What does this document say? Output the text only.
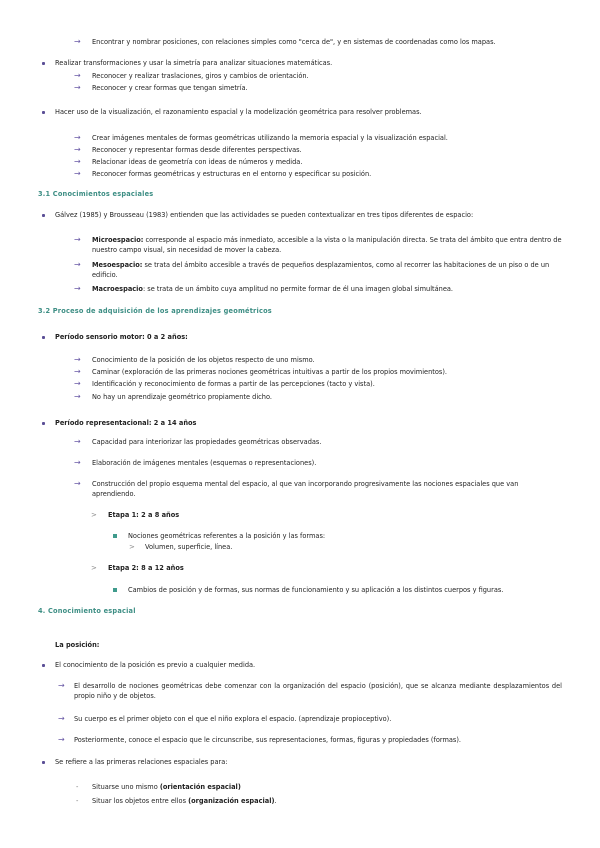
→ Encontrar y nombrar posiciones, con relaciones simples como "cerca de", y en sistemas de coordenadas como los mapas.
Realizar transformaciones y usar la simetría para analizar situaciones matemáticas.
→ Reconocer y realizar traslaciones, giros y cambios de orientación.
→ Reconocer y crear formas que tengan simetría.
Hacer uso de la visualización, el razonamiento espacial y la modelización geométrica para resolver problemas.
→ Crear imágenes mentales de formas geométricas utilizando la memoria espacial y la visualización espacial.
→ Reconocer y representar formas desde diferentes perspectivas.
→ Relacionar ideas de geometría con ideas de números y medida.
→ Reconocer formas geométricas y estructuras en el entorno y especificar su posición.
3.1 Conocimientos espaciales
Gálvez (1985) y Brousseau (1983) entienden que las actividades se pueden contextualizar en tres tipos diferentes de espacio:
→ Microespacio: corresponde al espacio más inmediato, accesible a la vista o la manipulación directa. Se trata del ámbito que entra dentro de nuestro campo visual, sin necesidad de mover la cabeza.
→ Mesoespacio: se trata del ámbito accesible a través de pequeños desplazamientos, como al recorrer las habitaciones de un piso o de un edificio.
→ Macroespacio: se trata de un ámbito cuya amplitud no permite formar de él una imagen global simultánea.
3.2 Proceso de adquisición de los aprendizajes geométricos
Período sensorio motor: 0 a 2 años:
→ Conocimiento de la posición de los objetos respecto de uno mismo.
→ Caminar (exploración de las primeras nociones geométricas intuitivas a partir de los propios movimientos).
→ Identificación y reconocimiento de formas a partir de las percepciones (tacto y vista).
→ No hay un aprendizaje geométrico propiamente dicho.
Período representacional: 2 a 14 años
→ Capacidad para interiorizar las propiedades geométricas observadas.
→ Elaboración de imágenes mentales (esquemas o representaciones).
→ Construcción del propio esquema mental del espacio, al que van incorporando progresivamente las nociones espaciales que van aprendiendo.
> Etapa 1: 2 a 8 años
Nociones geométricas referentes a la posición y las formas:
> Volumen, superficie, línea.
> Etapa 2: 8 a 12 años
Cambios de posición y de formas, sus normas de funcionamiento y su aplicación a los distintos cuerpos y figuras.
4. Conocimiento espacial
La posición:
El conocimiento de la posición es previo a cualquier medida.
→ El desarrollo de nociones geométricas debe comenzar con la organización del espacio (posición), que se alcanza mediante desplazamientos del propio niño y de objetos.
→ Su cuerpo es el primer objeto con el que el niño explora el espacio. (aprendizaje propioceptivo).
→ Posteriormente, conoce el espacio que le circunscribe, sus representaciones, formas, figuras y propiedades (formas).
Se refiere a las primeras relaciones espaciales para:
- Situarse uno mismo (orientación espacial)
- Situar los objetos entre ellos (organización espacial).
